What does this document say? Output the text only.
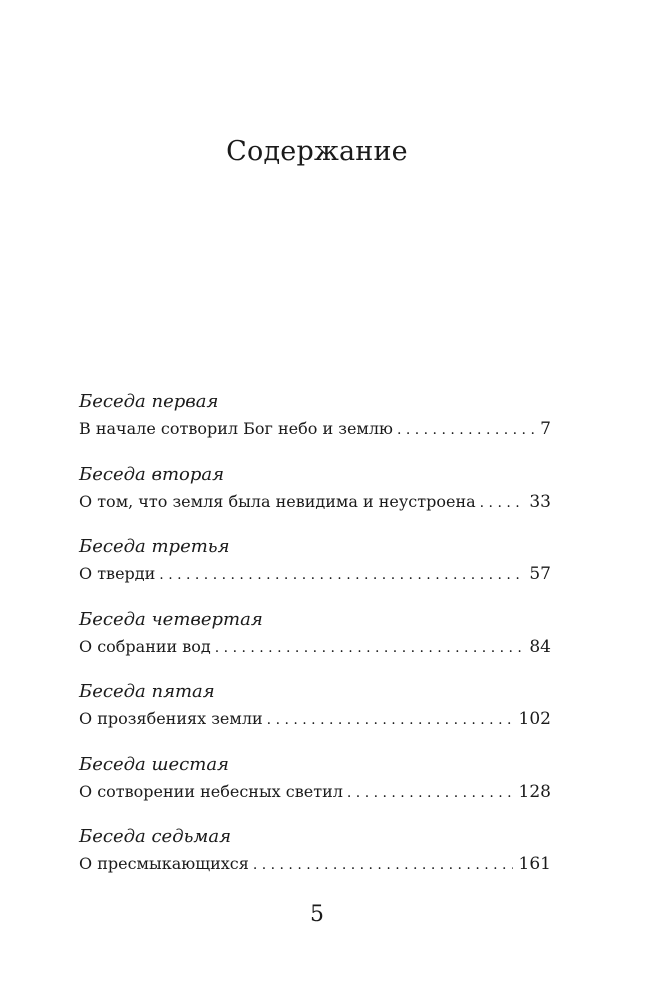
Содержание
Беседа первая
В начале сотворил Бог небо и землю . . .	7
Беседа вторая
О том, что земля была невидима и неустроена . . .	33
Беседа третья
О тверди . . .	57
Беседа четвертая
О собрании вод . . .	84
Беседа пятая
О прозябениях земли . . .	102
Беседа шестая
О сотворении небесных светил . . .	128
Беседа седьмая
О пресмыкающихся . . .	161
5
